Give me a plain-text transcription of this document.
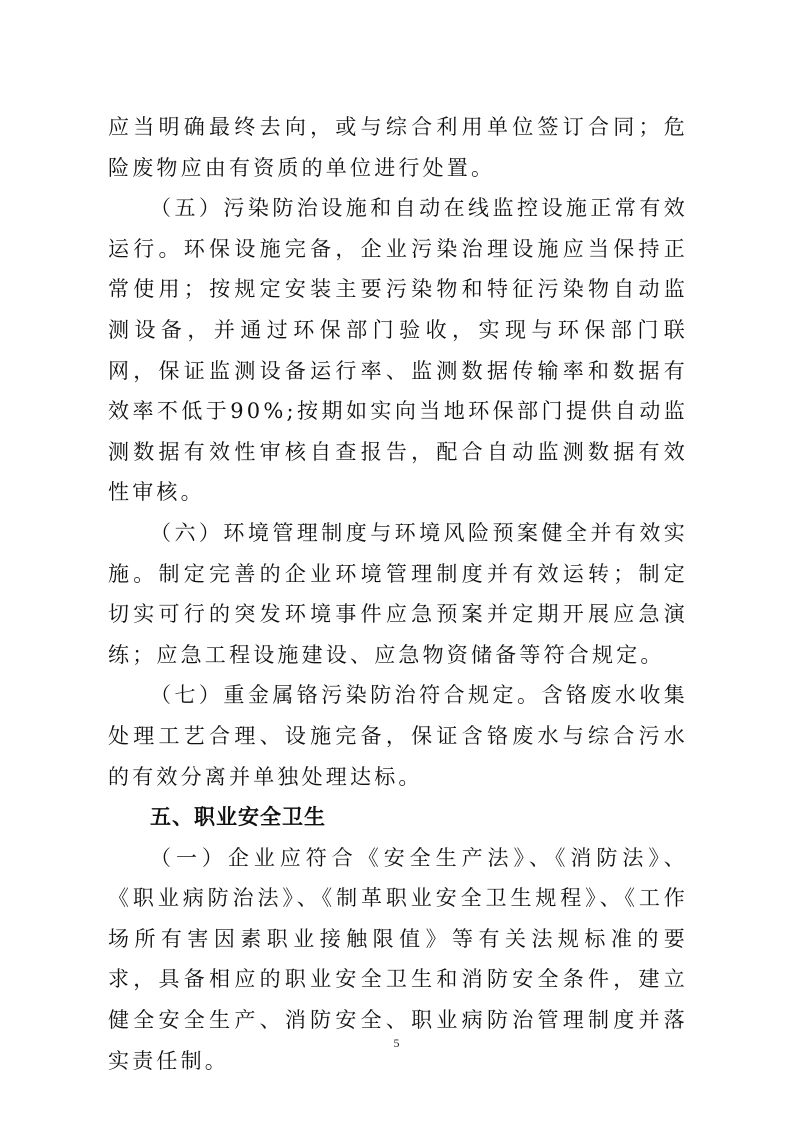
应当明确最终去向，或与综合利用单位签订合同；危险废物应由有资质的单位进行处置。

（五）污染防治设施和自动在线监控设施正常有效运行。环保设施完备，企业污染治理设施应当保持正常使用；按规定安装主要污染物和特征污染物自动监测设备，并通过环保部门验收，实现与环保部门联网，保证监测设备运行率、监测数据传输率和数据有效率不低于90%;按期如实向当地环保部门提供自动监测数据有效性审核自查报告，配合自动监测数据有效性审核。

（六）环境管理制度与环境风险预案健全并有效实施。制定完善的企业环境管理制度并有效运转；制定切实可行的突发环境事件应急预案并定期开展应急演练；应急工程设施建设、应急物资储备等符合规定。

（七）重金属铬污染防治符合规定。含铬废水收集处理工艺合理、设施完备，保证含铬废水与综合污水的有效分离并单独处理达标。

五、职业安全卫生

（一）企业应符合《安全生产法》、《消防法》、《职业病防治法》、《制革职业安全卫生规程》、《工作场所有害因素职业接触限值》等有关法规标准的要求，具备相应的职业安全卫生和消防安全条件，建立健全安全生产、消防安全、职业病防治管理制度并落实责任制。

5
